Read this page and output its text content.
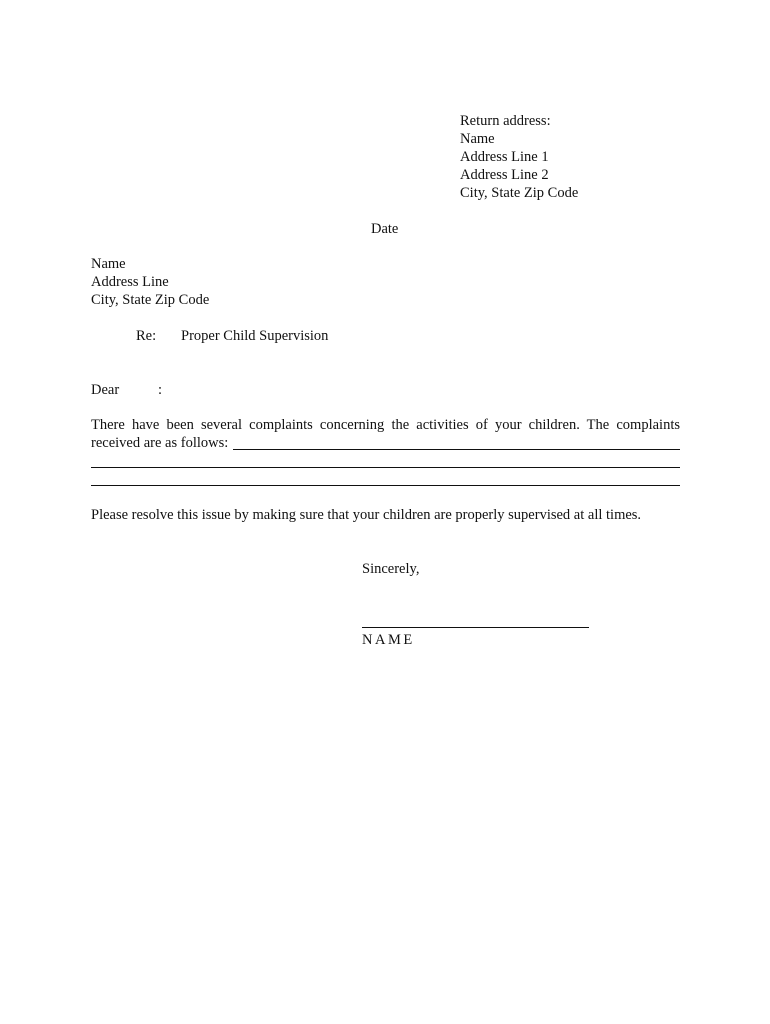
Return address:
Name
Address Line 1
Address Line 2
City, State Zip Code
Date
Name
Address Line
City, State Zip Code
Re: Proper Child Supervision
Dear	:
There have been several complaints concerning the activities of your children. The complaints
received are as follows:
Please resolve this issue by making sure that your children are properly supervised at all times.
Sincerely,
NAME
